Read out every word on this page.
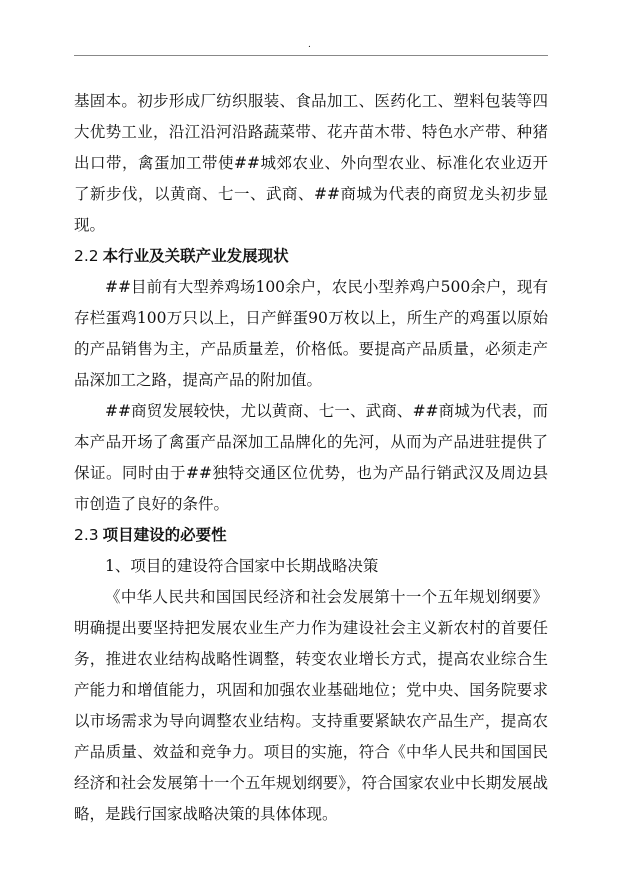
.

基固本。初步形成厂纺织服装、食品加工、医药化工、塑料包装等四大优势工业，沿江沿河沿路蔬菜带、花卉苗木带、特色水产带、种猪出口带，禽蛋加工带使##城郊农业、外向型农业、标准化农业迈开了新步伐，以黄商、七一、武商、##商城为代表的商贸龙头初步显现。

2.2 本行业及关联产业发展现状

##目前有大型养鸡场100余户，农民小型养鸡户500余户，现有存栏蛋鸡100万只以上，日产鲜蛋90万枚以上，所生产的鸡蛋以原始的产品销售为主，产品质量差，价格低。要提高产品质量，必须走产品深加工之路，提高产品的附加值。

##商贸发展较快，尤以黄商、七一、武商、##商城为代表，而本产品开场了禽蛋产品深加工品牌化的先河，从而为产品进驻提供了保证。同时由于##独特交通区位优势，也为产品行销武汉及周边县市创造了良好的条件。

2.3 项目建设的必要性

1、项目的建设符合国家中长期战略决策

《中华人民共和国国民经济和社会发展第十一个五年规划纲要》明确提出要坚持把发展农业生产力作为建设社会主义新农村的首要任务，推进农业结构战略性调整，转变农业增长方式，提高农业综合生产能力和增值能力，巩固和加强农业基础地位；党中央、国务院要求以市场需求为导向调整农业结构。支持重要紧缺农产品生产，提高农产品质量、效益和竞争力。项目的实施，符合《中华人民共和国国民经济和社会发展第十一个五年规划纲要》，符合国家农业中长期发展战略，是践行国家战略决策的具体体现。
